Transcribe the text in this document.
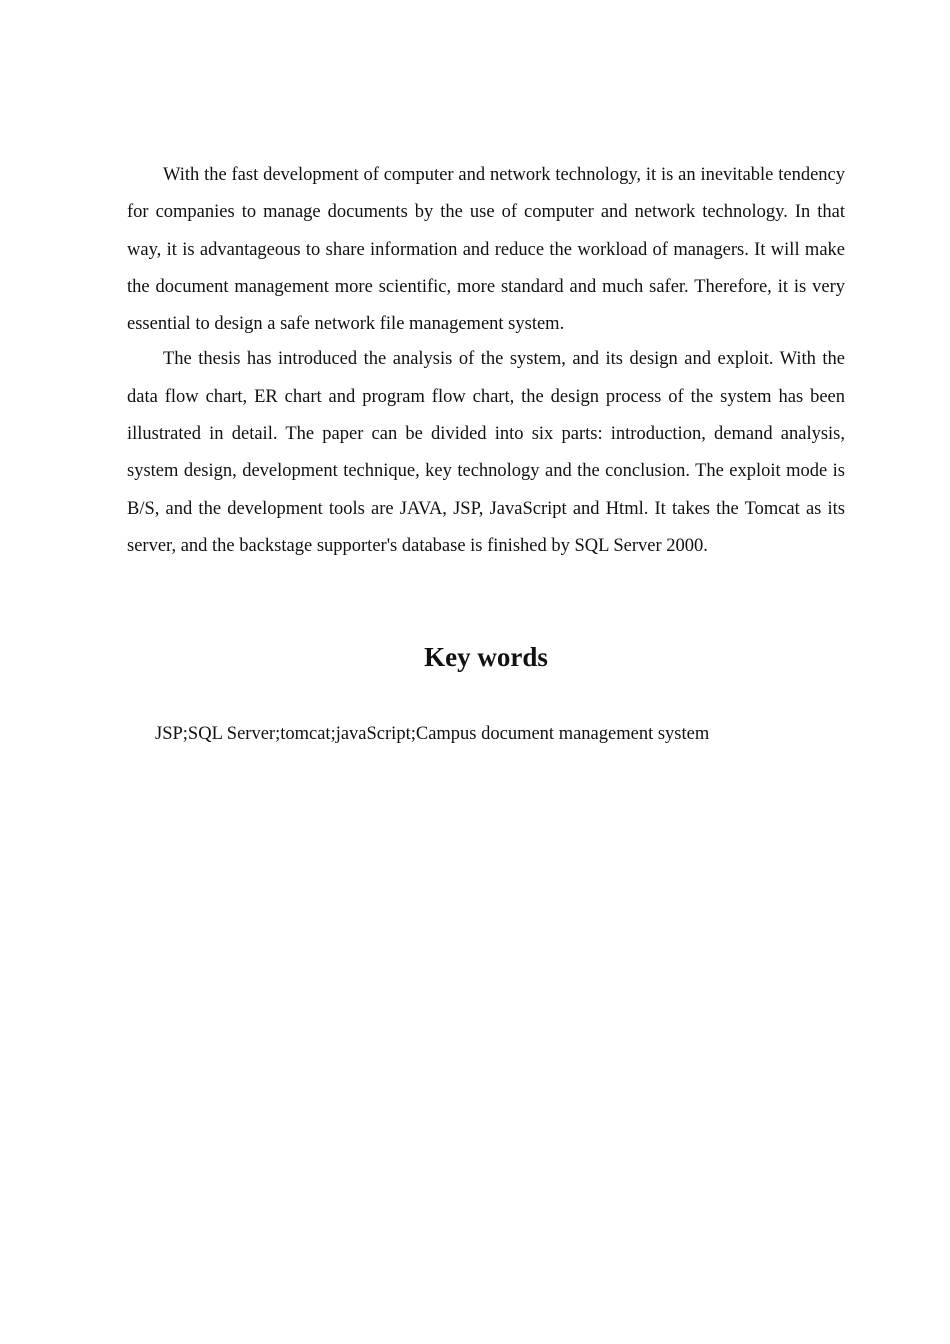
With the fast development of computer and network technology, it is an inevitable tendency for companies to manage documents by the use of computer and network technology. In that way, it is advantageous to share information and reduce the workload of managers. It will make the document management more scientific, more standard and much safer. Therefore, it is very essential to design a safe network file management system.

The thesis has introduced the analysis of the system, and its design and exploit. With the data flow chart, ER chart and program flow chart, the design process of the system has been illustrated in detail. The paper can be divided into six parts: introduction, demand analysis, system design, development technique, key technology and the conclusion. The exploit mode is B/S, and the development tools are JAVA, JSP, JavaScript and Html. It takes the Tomcat as its server, and the backstage supporter's database is finished by SQL Server 2000.

Key words

JSP;SQL Server;tomcat;javaScript;Campus document management system
